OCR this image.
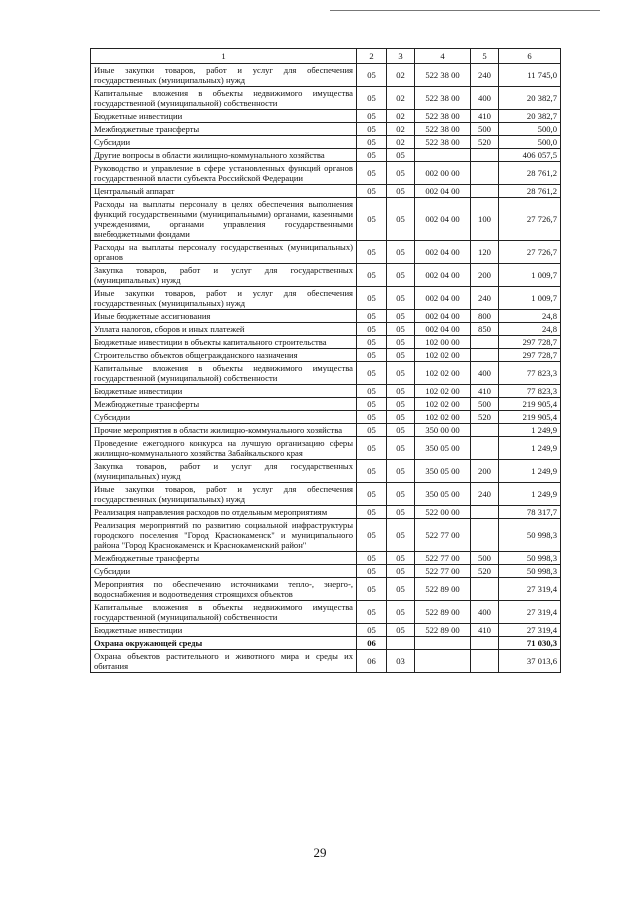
1	2	3	4	5	6
Иные закупки товаров, работ и услуг для обеспечения государственных (муниципальных) нужд	05	02	522 38 00	240	11 745,0
Капитальные вложения в объекты недвижимого имущества государственной (муниципальной) собственности	05	02	522 38 00	400	20 382,7
Бюджетные инвестиции	05	02	522 38 00	410	20 382,7
Межбюджетные трансферты	05	02	522 38 00	500	500,0
Субсидии	05	02	522 38 00	520	500,0
Другие вопросы в области жилищно-коммунального хозяйства	05	05			406 057,5
Руководство и управление в сфере установленных функций органов государственной власти субъекта Российской Федерации	05	05	002 00 00		28 761,2
Центральный аппарат	05	05	002 04 00		28 761,2
Расходы на выплаты персоналу в целях обеспечения выполнения функций государственными (муниципальными) органами, казенными учреждениями, органами управления государственными внебюджетными фондами	05	05	002 04 00	100	27 726,7
Расходы на выплаты персоналу государственных (муниципальных) органов	05	05	002 04 00	120	27 726,7
Закупка товаров, работ и услуг для государственных (муниципальных) нужд	05	05	002 04 00	200	1 009,7
Иные закупки товаров, работ и услуг для обеспечения государственных (муниципальных) нужд	05	05	002 04 00	240	1 009,7
Иные бюджетные ассигнования	05	05	002 04 00	800	24,8
Уплата налогов, сборов и иных платежей	05	05	002 04 00	850	24,8
Бюджетные инвестиции в объекты капитального строительства	05	05	102 00 00		297 728,7
Строительство объектов общегражданского назначения	05	05	102 02 00		297 728,7
Капитальные вложения в объекты недвижимого имущества государственной (муниципальной) собственности	05	05	102 02 00	400	77 823,3
Бюджетные инвестиции	05	05	102 02 00	410	77 823,3
Межбюджетные трансферты	05	05	102 02 00	500	219 905,4
Субсидии	05	05	102 02 00	520	219 905,4
Прочие мероприятия в области жилищно-коммунального хозяйства	05	05	350 00 00		1 249,9
Проведение ежегодного конкурса на лучшую организацию сферы жилищно-коммунального хозяйства Забайкальского края	05	05	350 05 00		1 249,9
Закупка товаров, работ и услуг для государственных (муниципальных) нужд	05	05	350 05 00	200	1 249,9
Иные закупки товаров, работ и услуг для обеспечения государственных (муниципальных) нужд	05	05	350 05 00	240	1 249,9
Реализация направления расходов по отдельным мероприятиям	05	05	522 00 00		78 317,7
Реализация мероприятий по развитию социальной инфраструктуры городского поселения "Город Краснокаменск" и муниципального района "Город Краснокаменск и Краснокаменский район"	05	05	522 77 00		50 998,3
Межбюджетные трансферты	05	05	522 77 00	500	50 998,3
Субсидии	05	05	522 77 00	520	50 998,3
Мероприятия по обеспечению источниками тепло-, энерго-, водоснабжения и водоотведения строящихся объектов	05	05	522 89 00		27 319,4
Капитальные вложения в объекты недвижимого имущества государственной (муниципальной) собственности	05	05	522 89 00	400	27 319,4
Бюджетные инвестиции	05	05	522 89 00	410	27 319,4
Охрана окружающей среды	06				71 030,3
Охрана объектов растительного и животного мира и среды их обитания	06	03			37 013,6
29
